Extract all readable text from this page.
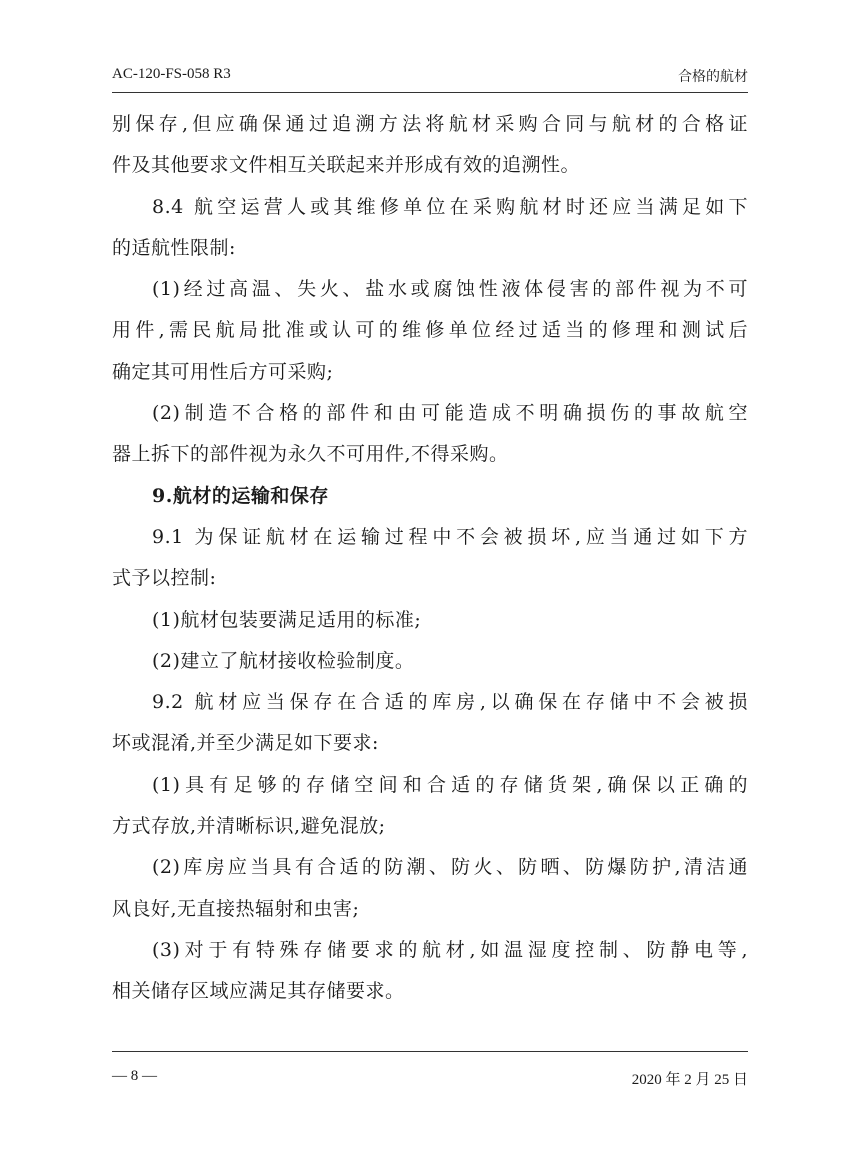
AC-120-FS-058 R3	合格的航材
别保存,但应确保通过追溯方法将航材采购合同与航材的合格证
件及其他要求文件相互关联起来并形成有效的追溯性。
8.4 航空运营人或其维修单位在采购航材时还应当满足如下
的适航性限制:
(1)经过高温、失火、盐水或腐蚀性液体侵害的部件视为不可
用件,需民航局批准或认可的维修单位经过适当的修理和测试后
确定其可用性后方可采购;
(2)制造不合格的部件和由可能造成不明确损伤的事故航空
器上拆下的部件视为永久不可用件,不得采购。
9.航材的运输和保存
9.1 为保证航材在运输过程中不会被损坏,应当通过如下方
式予以控制:
(1)航材包装要满足适用的标准;
(2)建立了航材接收检验制度。
9.2 航材应当保存在合适的库房,以确保在存储中不会被损
坏或混淆,并至少满足如下要求:
(1)具有足够的存储空间和合适的存储货架,确保以正确的
方式存放,并清晰标识,避免混放;
(2)库房应当具有合适的防潮、防火、防晒、防爆防护,清洁通
风良好,无直接热辐射和虫害;
(3)对于有特殊存储要求的航材,如温湿度控制、防静电等,
相关储存区域应满足其存储要求。
— 8 —	2020 年 2 月 25 日
